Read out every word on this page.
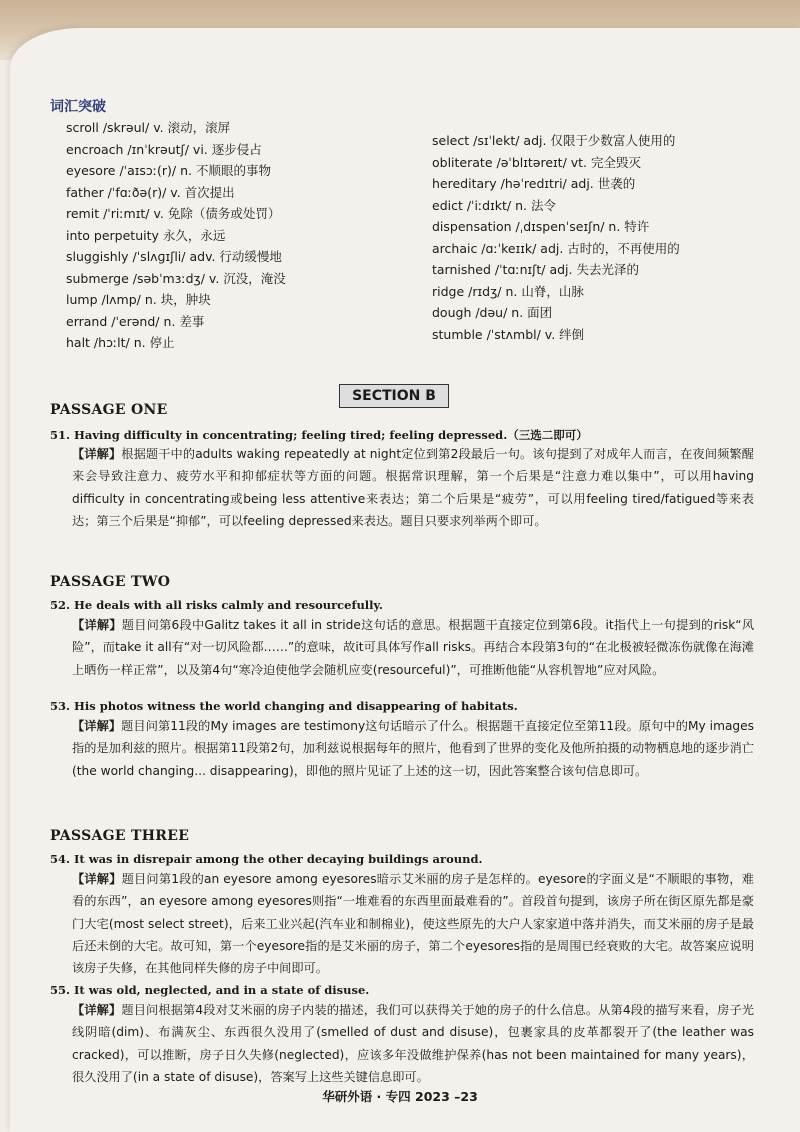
词汇突破
scroll /skrəul/ v. 滚动，滚屏
encroach /ɪnˈkrəutʃ/ vi. 逐步侵占
eyesore /ˈaɪsɔː(r)/ n. 不顺眼的事物
father /ˈfɑːðə(r)/ v. 首次提出
remit /ˈriːmɪt/ v. 免除（债务或处罚）
into perpetuity 永久，永远
sluggishly /ˈslʌɡɪʃli/ adv. 行动缓慢地
submerge /səbˈmɜːdʒ/ v. 沉没，淹没
lump /lʌmp/ n. 块，肿块
errand /ˈerənd/ n. 差事
halt /hɔːlt/ n. 停止
select /sɪˈlekt/ adj. 仅限于少数富人使用的
obliterate /əˈblɪtəreɪt/ vt. 完全毁灭
hereditary /həˈredɪtri/ adj. 世袭的
edict /ˈiːdɪkt/ n. 法令
dispensation /ˌdɪspenˈseɪʃn/ n. 特许
archaic /ɑːˈkeɪɪk/ adj. 古时的，不再使用的
tarnished /ˈtɑːnɪʃt/ adj. 失去光泽的
ridge /rɪdʒ/ n. 山脊，山脉
dough /dəu/ n. 面团
stumble /ˈstʌmbl/ v. 绊倒
SECTION B
PASSAGE ONE
51. Having difficulty in concentrating; feeling tired; feeling depressed.（三选二即可）
【详解】根据题干中的adults waking repeatedly at night定位到第2段最后一句。该句提到了对成年人而言，在夜间频繁醒来会导致注意力、疲劳水平和抑郁症状等方面的问题。根据常识理解，第一个后果是“注意力难以集中”，可以用having difficulty in concentrating或being less attentive来表达；第二个后果是“疲劳”，可以用feeling tired/fatigued等来表达；第三个后果是“抑郁”，可以feeling depressed来表达。题目只要求列举两个即可。
PASSAGE TWO
52. He deals with all risks calmly and resourcefully.
【详解】题目问第6段中Galitz takes it all in stride这句话的意思。根据题干直接定位到第6段。it指代上一句提到的risk“风险”，而take it all有“对一切风险都……”的意味，故it可具体写作all risks。再结合本段第3句的“在北极被轻微冻伤就像在海滩上晒伤一样正常”，以及第4句“寒冷迫使他学会随机应变(resourceful)”，可推断他能“从容机智地”应对风险。
53. His photos witness the world changing and disappearing of habitats.
【详解】题目问第11段的My images are testimony这句话暗示了什么。根据题干直接定位至第11段。原句中的My images指的是加利兹的照片。根据第11段第2句，加利兹说根据每年的照片，他看到了世界的变化及他所拍摄的动物栖息地的逐步消亡(the world changing... disappearing)，即他的照片见证了上述的这一切，因此答案整合该句信息即可。
PASSAGE THREE
54. It was in disrepair among the other decaying buildings around.
【详解】题目问第1段的an eyesore among eyesores暗示艾米丽的房子是怎样的。eyesore的字面义是“不顺眼的事物，难看的东西”，an eyesore among eyesores则指“一堆难看的东西里面最难看的”。首段首句提到，该房子所在街区原先都是豪门大宅(most select street)，后来工业兴起(汽车业和制棉业)，使这些原先的大户人家家道中落并消失，而艾米丽的房子是最后还未倒的大宅。故可知，第一个eyesore指的是艾米丽的房子，第二个eyesores指的是周围已经衰败的大宅。故答案应说明该房子失修，在其他同样失修的房子中间即可。
55. It was old, neglected, and in a state of disuse.
【详解】题目问根据第4段对艾米丽的房子内装的描述，我们可以获得关于她的房子的什么信息。从第4段的描写来看，房子光线阴暗(dim)、布满灰尘、东西很久没用了(smelled of dust and disuse)，包裹家具的皮革都裂开了(the leather was cracked)，可以推断，房子日久失修(neglected)，应该多年没做维护保养(has not been maintained for many years)，很久没用了(in a state of disuse)，答案写上这些关键信息即可。
华研外语 · 专四 2023 –23
